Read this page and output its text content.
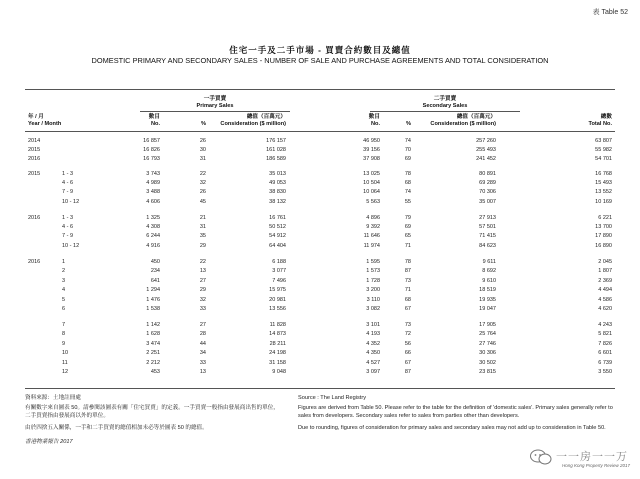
表 Table 52
住宅一手及二手市場 - 買賣合約數目及總值
DOMESTIC PRIMARY AND SECONDARY SALES - NUMBER OF SALE AND PURCHASE AGREEMENTS AND TOTAL CONSIDERATION
一手買賣
Primary Sales
二手買賣
Secondary Sales
年 / 月
Year / Month
數目
No.	%
總值（百萬元）
Consideration ($ million)
數目
No.	%
總值（百萬元）
Consideration ($ million)
總數
Total No.
2014	16 857	26	176 157	46 950	74	257 260	63 807
2015	16 826	30	161 028	39 156	70	255 493	55 982
2016	16 793	31	186 589	37 908	69	241 452	54 701
2015	1 - 3	3 743	22	35 013	13 025	78	80 891	16 768
4 - 6	4 989	32	49 053	10 504	68	69 289	15 493
7 - 9	3 488	26	38 830	10 064	74	70 306	13 552
10 - 12	4 606	45	38 132	5 563	55	35 007	10 169
2016	1 - 3	1 325	21	16 761	4 896	79	27 913	6 221
4 - 6	4 308	31	50 512	9 392	69	57 501	13 700
7 - 9	6 244	35	54 912	11 646	65	71 415	17 890
10 - 12	4 916	29	64 404	11 974	71	84 623	16 890
2016	1	450	22	6 188	1 595	78	9 611	2 045
2	234	13	3 077	1 573	87	8 692	1 807
3	641	27	7 496	1 728	73	9 610	2 369
4	1 294	29	15 975	3 200	71	18 519	4 494
5	1 476	32	20 981	3 110	68	19 935	4 586
6	1 538	33	13 556	3 082	67	19 047	4 620
7	1 142	27	11 828	3 101	73	17 905	4 243
8	1 628	28	14 873	4 193	72	25 764	5 821
9	3 474	44	28 211	4 352	56	27 746	7 826
10	2 251	34	24 198	4 350	66	30 306	6 601
11	2 212	33	31 158	4 527	67	30 502	6 739
12	453	13	9 048	3 097	87	23 815	3 550
資料來源：土地註冊處
有關數字來自圖表 50。請參閱該圖表有關「住宅買賣」的定義。一手買賣一般指由發展商出售的單位，二手買賣指由發展商以外的單位。
由於四捨五入關係，一手和二手買賣的總值相加未必等於圖表 50 的總值。
香港物業報告 2017
Source : The Land Registry
Figures are derived from Table 50. Please refer to the table for the definition of 'domestic sales'. Primary sales generally refer to sales from developers. Secondary sales refer to sales from parties other than developers.
Due to rounding, figures of consideration for primary sales and secondary sales may not add up to consideration in Table 50.
一一房一一万
Hong Kong Property Review 2017
